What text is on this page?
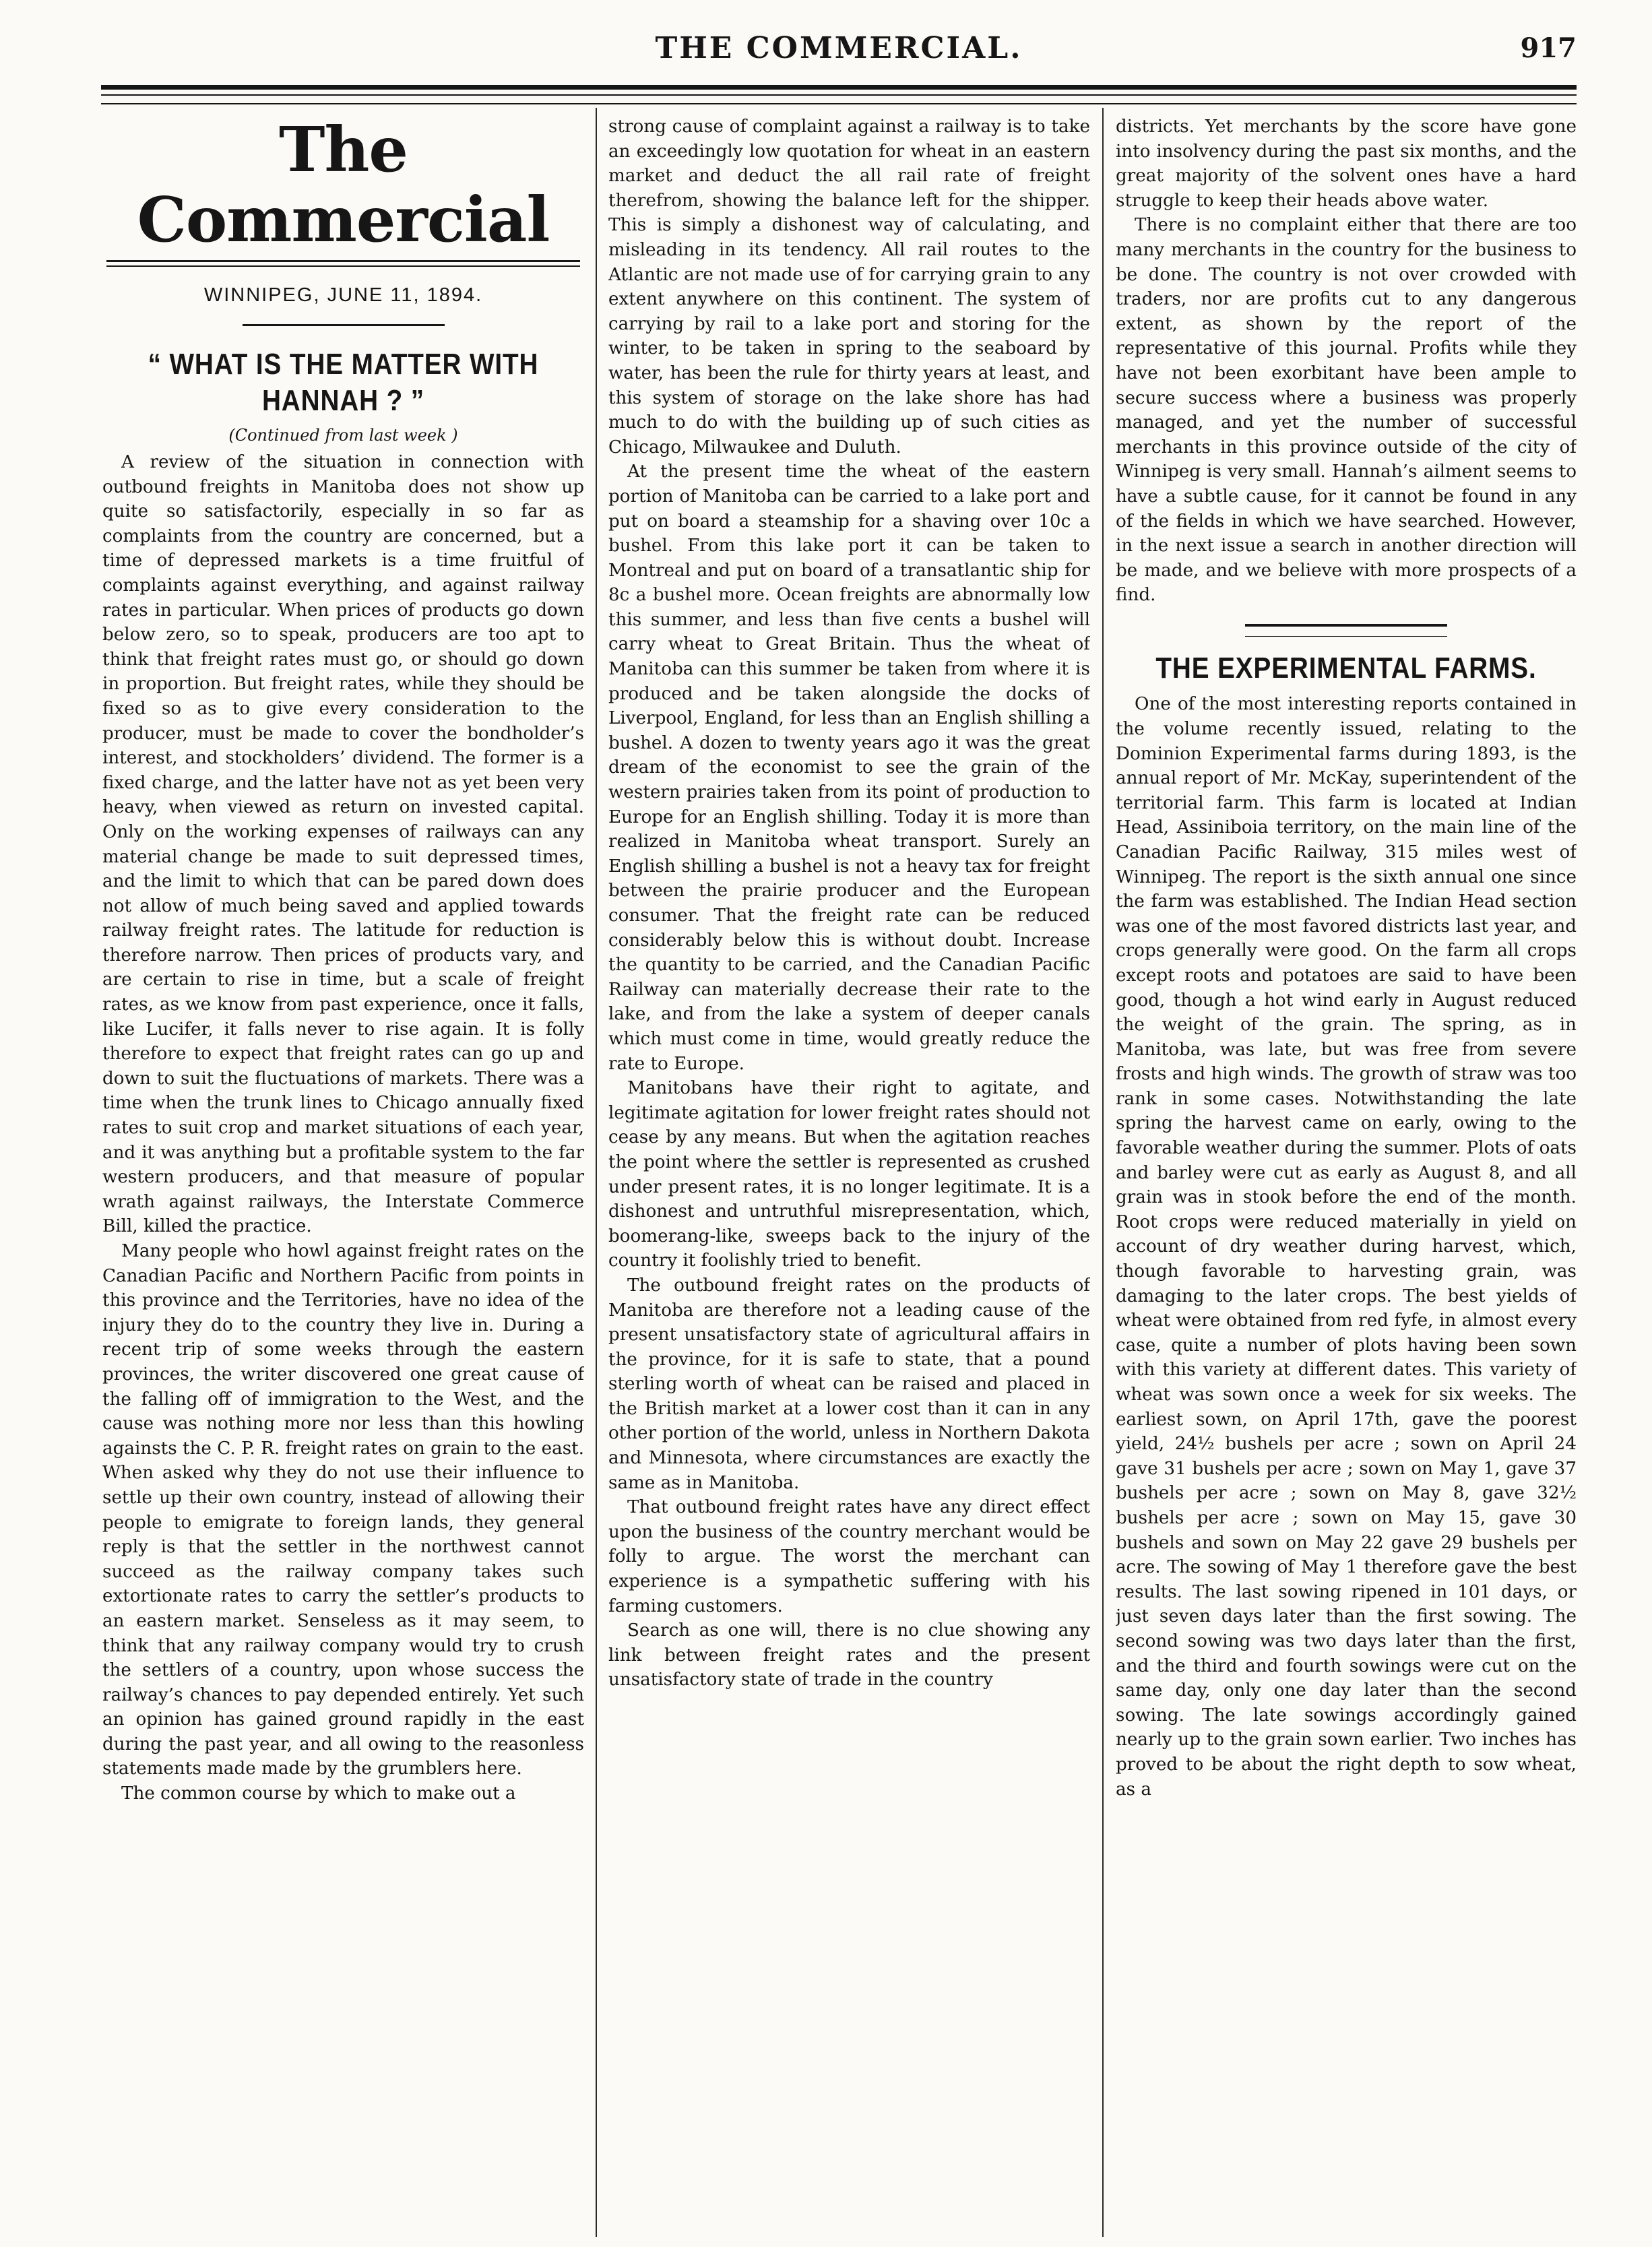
THE COMMERCIAL.	917
The Commercial
WINNIPEG, JUNE 11, 1894.
“ WHAT IS THE MATTER WITH HANNAH ? ”
(Continued from last week )

A review of the situation in connection with outbound freights in Manitoba does not show up quite so satisfactorily, especially in so far as complaints from the country are concerned, but a time of depressed markets is a time fruitful of complaints against everything, and against railway rates in particular. When prices of products go down below zero, so to speak, producers are too apt to think that freight rates must go, or should go down in proportion. But freight rates, while they should be fixed so as to give every consideration to the producer, must be made to cover the bondholder’s interest, and stockholders’ dividend. The former is a fixed charge, and the latter have not as yet been very heavy, when viewed as return on invested capital. Only on the working expenses of railways can any material change be made to suit depressed times, and the limit to which that can be pared down does not allow of much being saved and applied towards railway freight rates. The latitude for reduction is therefore narrow. Then prices of products vary, and are certain to rise in time, but a scale of freight rates, as we know from past experience, once it falls, like Lucifer, it falls never to rise again. It is folly therefore to expect that freight rates can go up and down to suit the fluctuations of markets. There was a time when the trunk lines to Chicago annually fixed rates to suit crop and market situations of each year, and it was anything but a profitable system to the far western producers, and that measure of popular wrath against railways, the Interstate Commerce Bill, killed the practice.

Many people who howl against freight rates on the Canadian Pacific and Northern Pacific from points in this province and the Territories, have no idea of the injury they do to the country they live in. During a recent trip of some weeks through the eastern provinces, the writer discovered one great cause of the falling off of immigration to the West, and the cause was nothing more nor less than this howling againsts the C. P. R. freight rates on grain to the east. When asked why they do not use their influence to settle up their own country, instead of allowing their people to emigrate to foreign lands, they general reply is that the settler in the northwest cannot succeed as the railway company takes such extortionate rates to carry the settler’s products to an eastern market. Senseless as it may seem, to think that any railway company would try to crush the settlers of a country, upon whose success the railway’s chances to pay depended entirely. Yet such an opinion has gained ground rapidly in the east during the past year, and all owing to the reasonless statements made made by the grumblers here.

The common course by which to make out a

strong cause of complaint against a railway is to take an exceedingly low quotation for wheat in an eastern market and deduct the all rail rate of freight therefrom, showing the balance left for the shipper. This is simply a dishonest way of calculating, and misleading in its tendency. All rail routes to the Atlantic are not made use of for carrying grain to any extent anywhere on this continent. The system of carrying by rail to a lake port and storing for the winter, to be taken in spring to the seaboard by water, has been the rule for thirty years at least, and this system of storage on the lake shore has had much to do with the building up of such cities as Chicago, Milwaukee and Duluth.

At the present time the wheat of the eastern portion of Manitoba can be carried to a lake port and put on board a steamship for a shaving over 10c a bushel. From this lake port it can be taken to Montreal and put on board of a transatlantic ship for 8c a bushel more. Ocean freights are abnormally low this summer, and less than five cents a bushel will carry wheat to Great Britain. Thus the wheat of Manitoba can this summer be taken from where it is produced and be taken alongside the docks of Liverpool, England, for less than an English shilling a bushel. A dozen to twenty years ago it was the great dream of the economist to see the grain of the western prairies taken from its point of production to Europe for an English shilling. Today it is more than realized in Manitoba wheat transport. Surely an English shilling a bushel is not a heavy tax for freight between the prairie producer and the European consumer. That the freight rate can be reduced considerably below this is without doubt. Increase the quantity to be carried, and the Canadian Pacific Railway can materially decrease their rate to the lake, and from the lake a system of deeper canals which must come in time, would greatly reduce the rate to Europe.

Manitobans have their right to agitate, and legitimate agitation for lower freight rates should not cease by any means. But when the agitation reaches the point where the settler is represented as crushed under present rates, it is no longer legitimate. It is a dishonest and untruthful misrepresentation, which, boomerang-like, sweeps back to the injury of the country it foolishly tried to benefit.

The outbound freight rates on the products of Manitoba are therefore not a leading cause of the present unsatisfactory state of agricultural affairs in the province, for it is safe to state, that a pound sterling worth of wheat can be raised and placed in the British market at a lower cost than it can in any other portion of the world, unless in Northern Dakota and Minnesota, where circumstances are exactly the same as in Manitoba.

That outbound freight rates have any direct effect upon the business of the country merchant would be folly to argue. The worst the merchant can experience is a sympathetic suffering with his farming customers.

Search as one will, there is no clue showing any link between freight rates and the present unsatisfactory state of trade in the country

districts. Yet merchants by the score have gone into insolvency during the past six months, and the great majority of the solvent ones have a hard struggle to keep their heads above water.

There is no complaint either that there are too many merchants in the country for the business to be done. The country is not over crowded with traders, nor are profits cut to any dangerous extent, as shown by the report of the representative of this journal. Profits while they have not been exorbitant have been ample to secure success where a business was properly managed, and yet the number of successful merchants in this province outside of the city of Winnipeg is very small. Hannah’s ailment seems to have a subtle cause, for it cannot be found in any of the fields in which we have searched. However, in the next issue a search in another direction will be made, and we believe with more prospects of a find.

THE EXPERIMENTAL FARMS.

One of the most interesting reports contained in the volume recently issued, relating to the Dominion Experimental farms during 1893, is the annual report of Mr. McKay, superintendent of the territorial farm. This farm is located at Indian Head, Assiniboia territory, on the main line of the Canadian Pacific Railway, 315 miles west of Winnipeg. The report is the sixth annual one since the farm was established. The Indian Head section was one of the most favored districts last year, and crops generally were good. On the farm all crops except roots and potatoes are said to have been good, though a hot wind early in August reduced the weight of the grain. The spring, as in Manitoba, was late, but was free from severe frosts and high winds. The growth of straw was too rank in some cases. Notwithstanding the late spring the harvest came on early, owing to the favorable weather during the summer. Plots of oats and barley were cut as early as August 8, and all grain was in stook before the end of the month. Root crops were reduced materially in yield on account of dry weather during harvest, which, though favorable to harvesting grain, was damaging to the later crops. The best yields of wheat were obtained from red fyfe, in almost every case, quite a number of plots having been sown with this variety at different dates. This variety of wheat was sown once a week for six weeks. The earliest sown, on April 17th, gave the poorest yield, 24½ bushels per acre ; sown on April 24 gave 31 bushels per acre ; sown on May 1, gave 37 bushels per acre ; sown on May 8, gave 32½ bushels per acre ; sown on May 15, gave 30 bushels and sown on May 22 gave 29 bushels per acre. The sowing of May 1 therefore gave the best results. The last sowing ripened in 101 days, or just seven days later than the first sowing. The second sowing was two days later than the first, and the third and fourth sowings were cut on the same day, only one day later than the second sowing. The late sowings accordingly gained nearly up to the grain sown earlier. Two inches has proved to be about the right depth to sow wheat, as a
